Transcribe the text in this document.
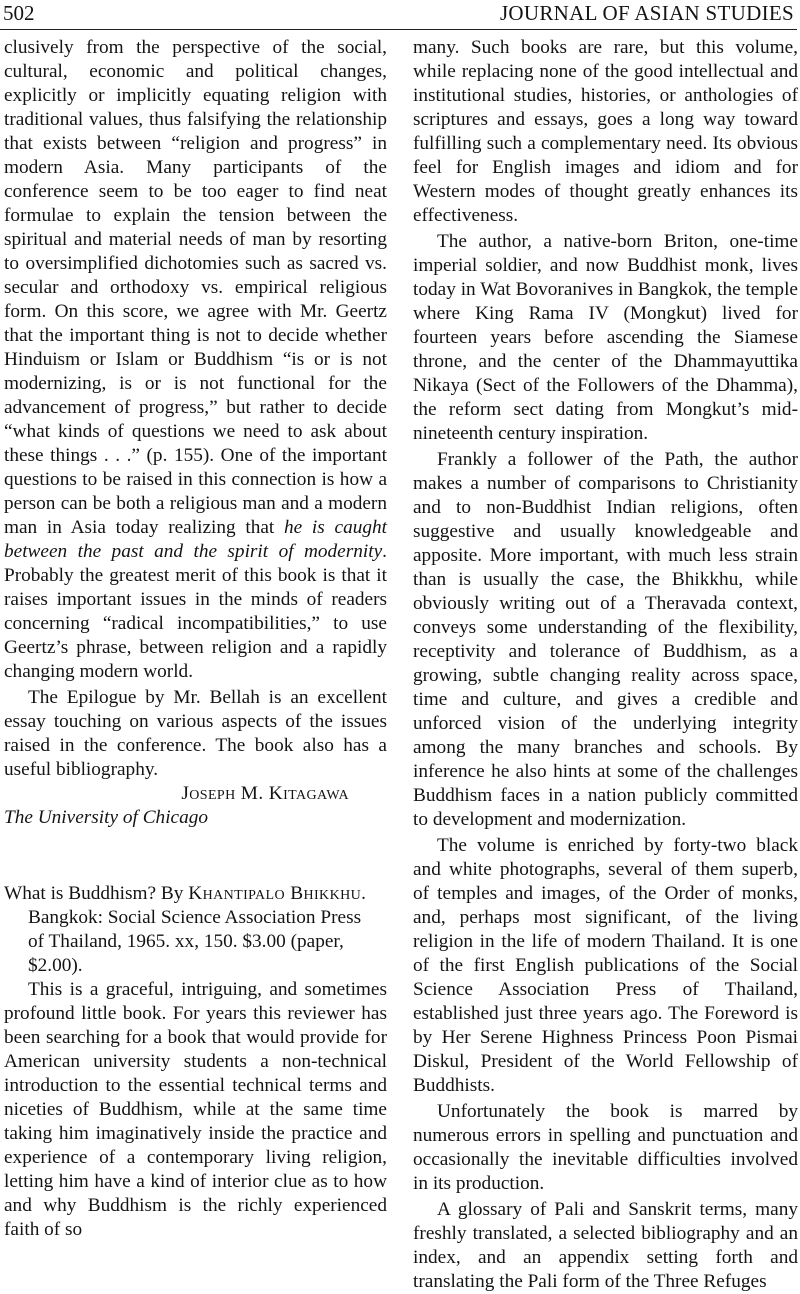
502	JOURNAL OF ASIAN STUDIES

clusively from the perspective of the social, cultural, economic and political changes, explicitly or implicitly equating religion with traditional values, thus falsifying the relationship that exists between “religion and progress” in modern Asia. Many participants of the conference seem to be too eager to find neat formulae to explain the tension between the spiritual and material needs of man by resorting to oversimplified dichotomies such as sacred vs. secular and orthodoxy vs. empirical religious form. On this score, we agree with Mr. Geertz that the important thing is not to decide whether Hinduism or Islam or Buddhism “is or is not modernizing, is or is not functional for the advancement of progress,” but rather to decide “what kinds of questions we need to ask about these things . . .” (p. 155). One of the important questions to be raised in this connection is how a person can be both a religious man and a modern man in Asia today realizing that he is caught between the past and the spirit of modernity. Probably the greatest merit of this book is that it raises important issues in the minds of readers concerning “radical incompatibilities,” to use Geertz’s phrase, between religion and a rapidly changing modern world.

The Epilogue by Mr. Bellah is an excellent essay touching on various aspects of the issues raised in the conference. The book also has a useful bibliography.

Joseph M. Kitagawa

The University of Chicago

What is Buddhism? By Khantipalo Bhikkhu.

Bangkok: Social Science Association Press

of Thailand, 1965. xx, 150. $3.00 (paper,

$2.00).

This is a graceful, intriguing, and sometimes profound little book. For years this reviewer has been searching for a book that would provide for American university students a non-technical introduction to the essential technical terms and niceties of Buddhism, while at the same time taking him imaginatively inside the practice and experience of a contemporary living religion, letting him have a kind of interior clue as to how and why Buddhism is the richly experienced faith of so

many. Such books are rare, but this volume, while replacing none of the good intellectual and institutional studies, histories, or anthologies of scriptures and essays, goes a long way toward fulfilling such a complementary need. Its obvious feel for English images and idiom and for Western modes of thought greatly enhances its effectiveness.

The author, a native-born Briton, one-time imperial soldier, and now Buddhist monk, lives today in Wat Bovoranives in Bangkok, the temple where King Rama IV (Mongkut) lived for fourteen years before ascending the Siamese throne, and the center of the Dhammayuttika Nikaya (Sect of the Followers of the Dhamma), the reform sect dating from Mongkut’s mid-nineteenth century inspiration.

Frankly a follower of the Path, the author makes a number of comparisons to Christianity and to non-Buddhist Indian religions, often suggestive and usually knowledgeable and apposite. More important, with much less strain than is usually the case, the Bhikkhu, while obviously writing out of a Theravada context, conveys some understanding of the flexibility, receptivity and tolerance of Buddhism, as a growing, subtle changing reality across space, time and culture, and gives a credible and unforced vision of the underlying integrity among the many branches and schools. By inference he also hints at some of the challenges Buddhism faces in a nation publicly committed to development and modernization.

The volume is enriched by forty-two black and white photographs, several of them superb, of temples and images, of the Order of monks, and, perhaps most significant, of the living religion in the life of modern Thailand. It is one of the first English publications of the Social Science Association Press of Thailand, established just three years ago. The Foreword is by Her Serene Highness Princess Poon Pismai Diskul, President of the World Fellowship of Buddhists.

Unfortunately the book is marred by numerous errors in spelling and punctuation and occasionally the inevitable difficulties involved in its production.

A glossary of Pali and Sanskrit terms, many freshly translated, a selected bibliography and an index, and an appendix setting forth and translating the Pali form of the Three Refuges
